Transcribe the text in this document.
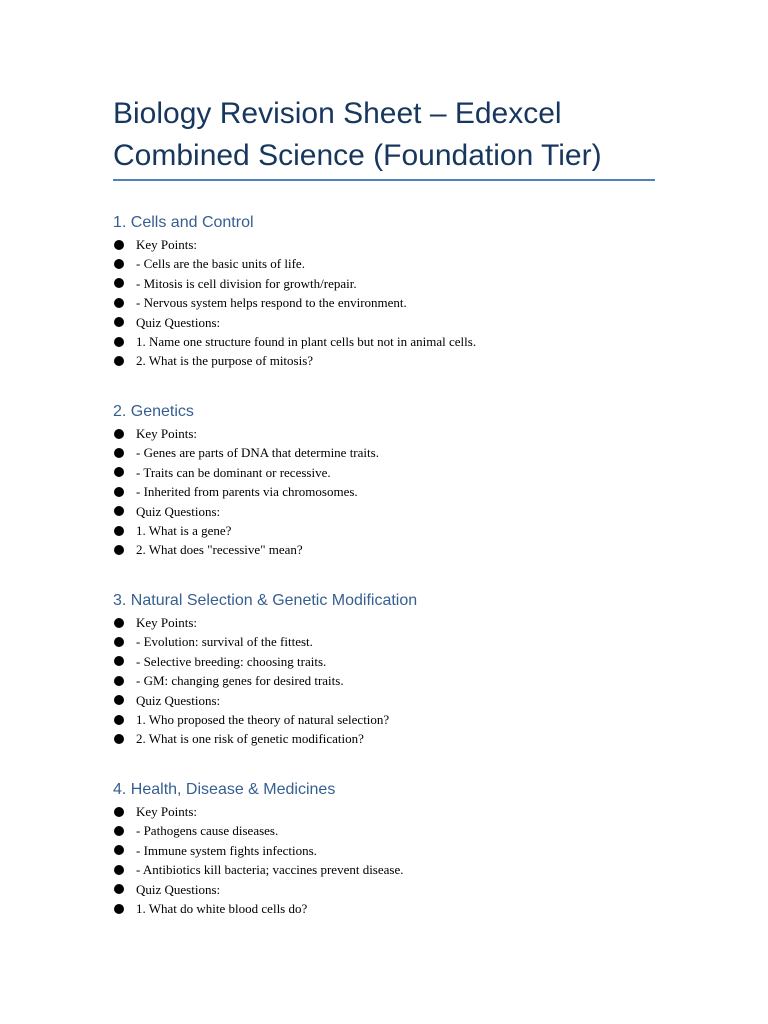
Biology Revision Sheet – Edexcel
Combined Science (Foundation Tier)
1. Cells and Control
Key Points:
- Cells are the basic units of life.
- Mitosis is cell division for growth/repair.
- Nervous system helps respond to the environment.
Quiz Questions:
1. Name one structure found in plant cells but not in animal cells.
2. What is the purpose of mitosis?
2. Genetics
Key Points:
- Genes are parts of DNA that determine traits.
- Traits can be dominant or recessive.
- Inherited from parents via chromosomes.
Quiz Questions:
1. What is a gene?
2. What does "recessive" mean?
3. Natural Selection & Genetic Modification
Key Points:
- Evolution: survival of the fittest.
- Selective breeding: choosing traits.
- GM: changing genes for desired traits.
Quiz Questions:
1. Who proposed the theory of natural selection?
2. What is one risk of genetic modification?
4. Health, Disease & Medicines
Key Points:
- Pathogens cause diseases.
- Immune system fights infections.
- Antibiotics kill bacteria; vaccines prevent disease.
Quiz Questions:
1. What do white blood cells do?
